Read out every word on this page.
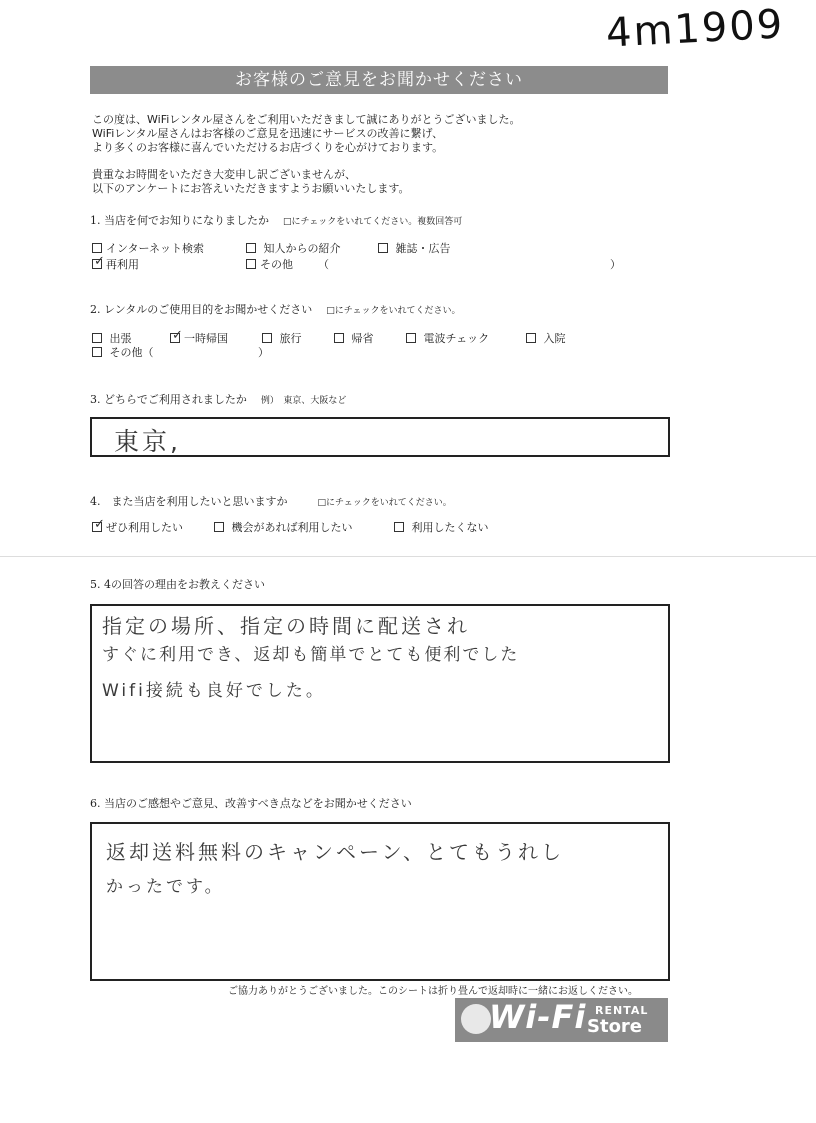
4m1909
お客様のご意見をお聞かせください
この度は、WiFiレンタル屋さんをご利用いただきまして誠にありがとうございました。
WiFiレンタル屋さんはお客様のご意見を迅速にサービスの改善に繋げ、
より多くのお客様に喜んでいただけるお店づくりを心がけております。
貴重なお時間をいただき大変申し訳ございませんが、
以下のアンケートにお答えいただきますようお願いいたします。
1. 当店を何でお知りになりましたか □にチェックをいれてください。複数回答可
インターネット検索	知人からの紹介	雑誌・広告
✓ 再利用	その他 （	）
2. レンタルのご使用目的をお聞かせください □にチェックをいれてください。
出張	✓ 一時帰国	旅行	帰省	電波チェック	入院
その他（	）
3. どちらでご利用されましたか 例）　東京、大阪など
東京,
4.　また当店を利用したいと思いますか	□にチェックをいれてください。
✓ ぜひ利用したい	機会があれば利用したい	利用したくない
5. 4の回答の理由をお教えください
指定の場所、指定の時間に配送され
すぐに利用でき、返却も簡単でとても便利でした
Wifi接続も良好でした。
6. 当店のご感想やご意見、改善すべき点などをお聞かせください
返却送料無料のキャンペーン、とてもうれし
かったです。
ご協力ありがとうございました。このシートは折り畳んで返却時に一緒にお返しください。
Wi-Fi RENTAL
Store
